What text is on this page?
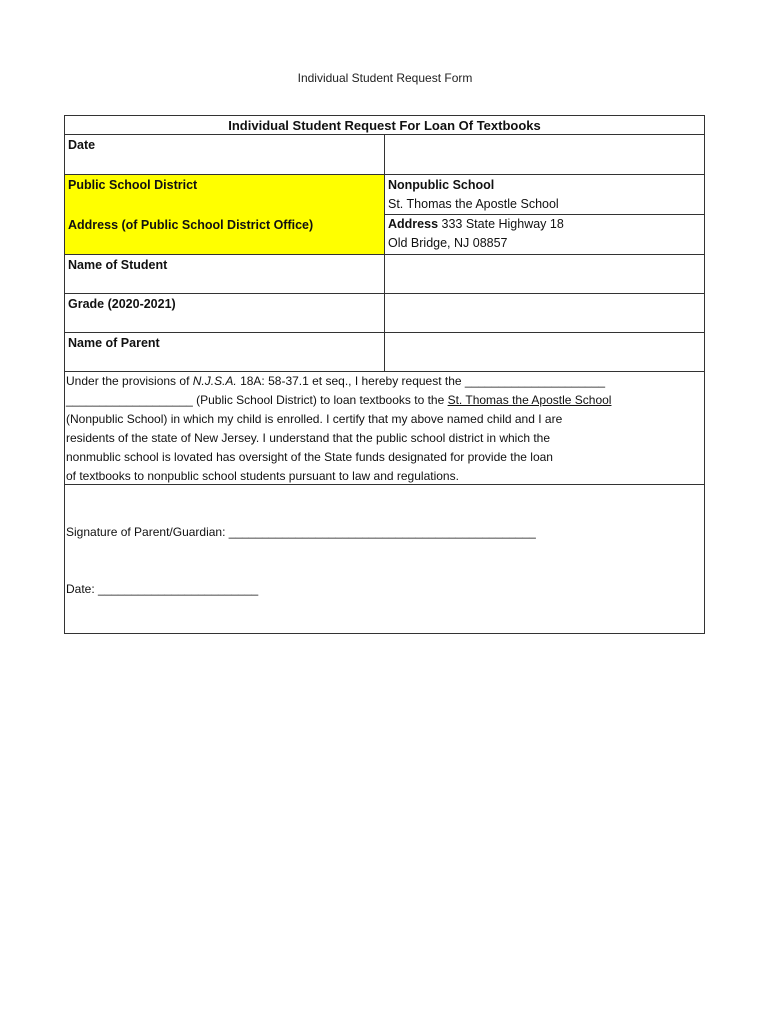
Individual Student Request Form
Individual Student Request For Loan Of Textbooks
Date
Public School District
Address (of Public School District Office)
Nonpublic School
St. Thomas the Apostle School
Address 333 State Highway 18
Old Bridge, NJ 08857
Name of Student
Grade (2020-2021)
Name of Parent
Under the provisions of N.J.S.A. 18A: 58-37.1 et seq., I hereby request the _____________________
___________________ (Public School District) to loan textbooks to the St. Thomas the Apostle School
(Nonpublic School) in which my child is enrolled. I certify that my above named child and I are
residents of the state of New Jersey. I understand that the public school district in which the
nonmublic school is lovated has oversight of the State funds designated for provide the loan
of textbooks to nonpublic school students pursuant to law and regulations.
Signature of Parent/Guardian: ______________________________________________
Date: ________________________
